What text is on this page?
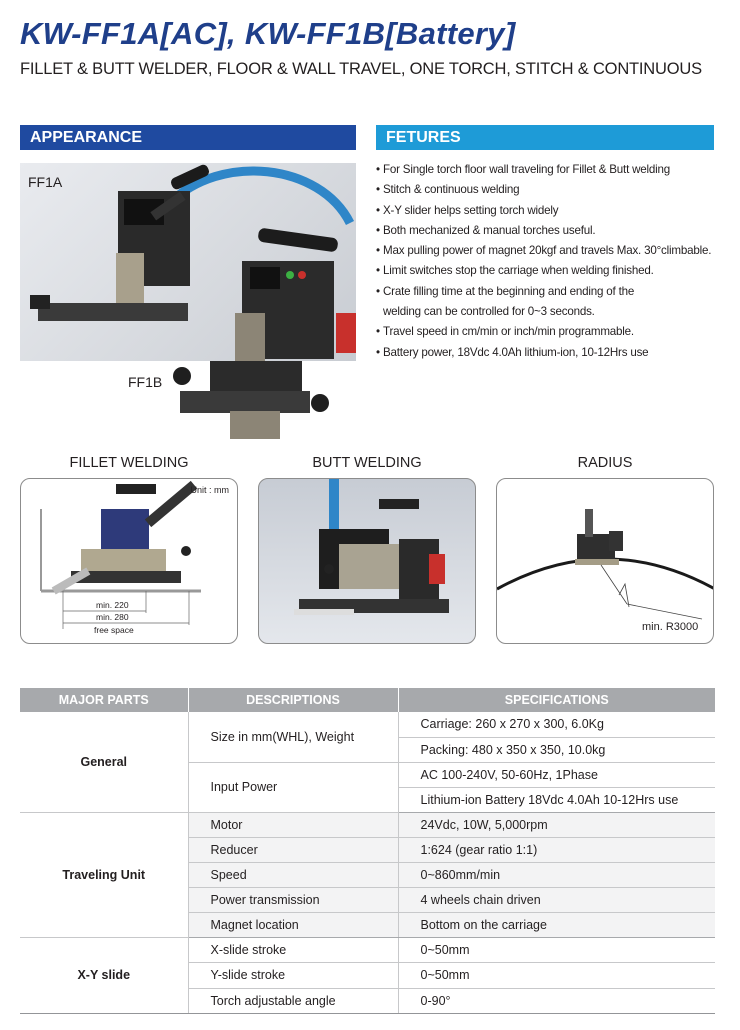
KW-FF1A[AC], KW-FF1B[Battery]
FILLET & BUTT WELDER, FLOOR & WALL TRAVEL, ONE TORCH, STITCH & CONTINUOUS
APPEARANCE	FETURES
FF1A
FF1B
• For Single torch floor wall traveling for Fillet & Butt welding
• Stitch & continuous welding
• X-Y slider helps setting torch widely
• Both mechanized & manual torches useful.
• Max pulling power of magnet 20kgf and travels Max. 30°climbable.
• Limit switches stop the carriage when welding finished.
• Crate filling time at the beginning and ending of the
welding can be controlled for 0~3 seconds.
• Travel speed in cm/min or inch/min programmable.
• Battery power, 18Vdc 4.0Ah lithium-ion, 10-12Hrs use
FILLET WELDING	BUTT WELDING	RADIUS
Unit : mm
min. 220
min. 280
free space	min. R3000
MAJOR PARTS	DESCRIPTIONS	SPECIFICATIONS
General	Size in mm(WHL), Weight	Carriage: 260 x 270 x 300, 6.0Kg
		Packing: 480 x 350 x 350, 10.0kg
	Input Power	AC 100-240V, 50-60Hz, 1Phase
		Lithium-ion Battery 18Vdc 4.0Ah 10-12Hrs use
Traveling Unit	Motor	24Vdc, 10W, 5,000rpm
	Reducer	1:624 (gear ratio 1:1)
	Speed	0~860mm/min
	Power transmission	4 wheels chain driven
	Magnet location	Bottom on the carriage
X-Y slide	X-slide stroke	0~50mm
	Y-slide stroke	0~50mm
	Torch adjustable angle	0-90°
